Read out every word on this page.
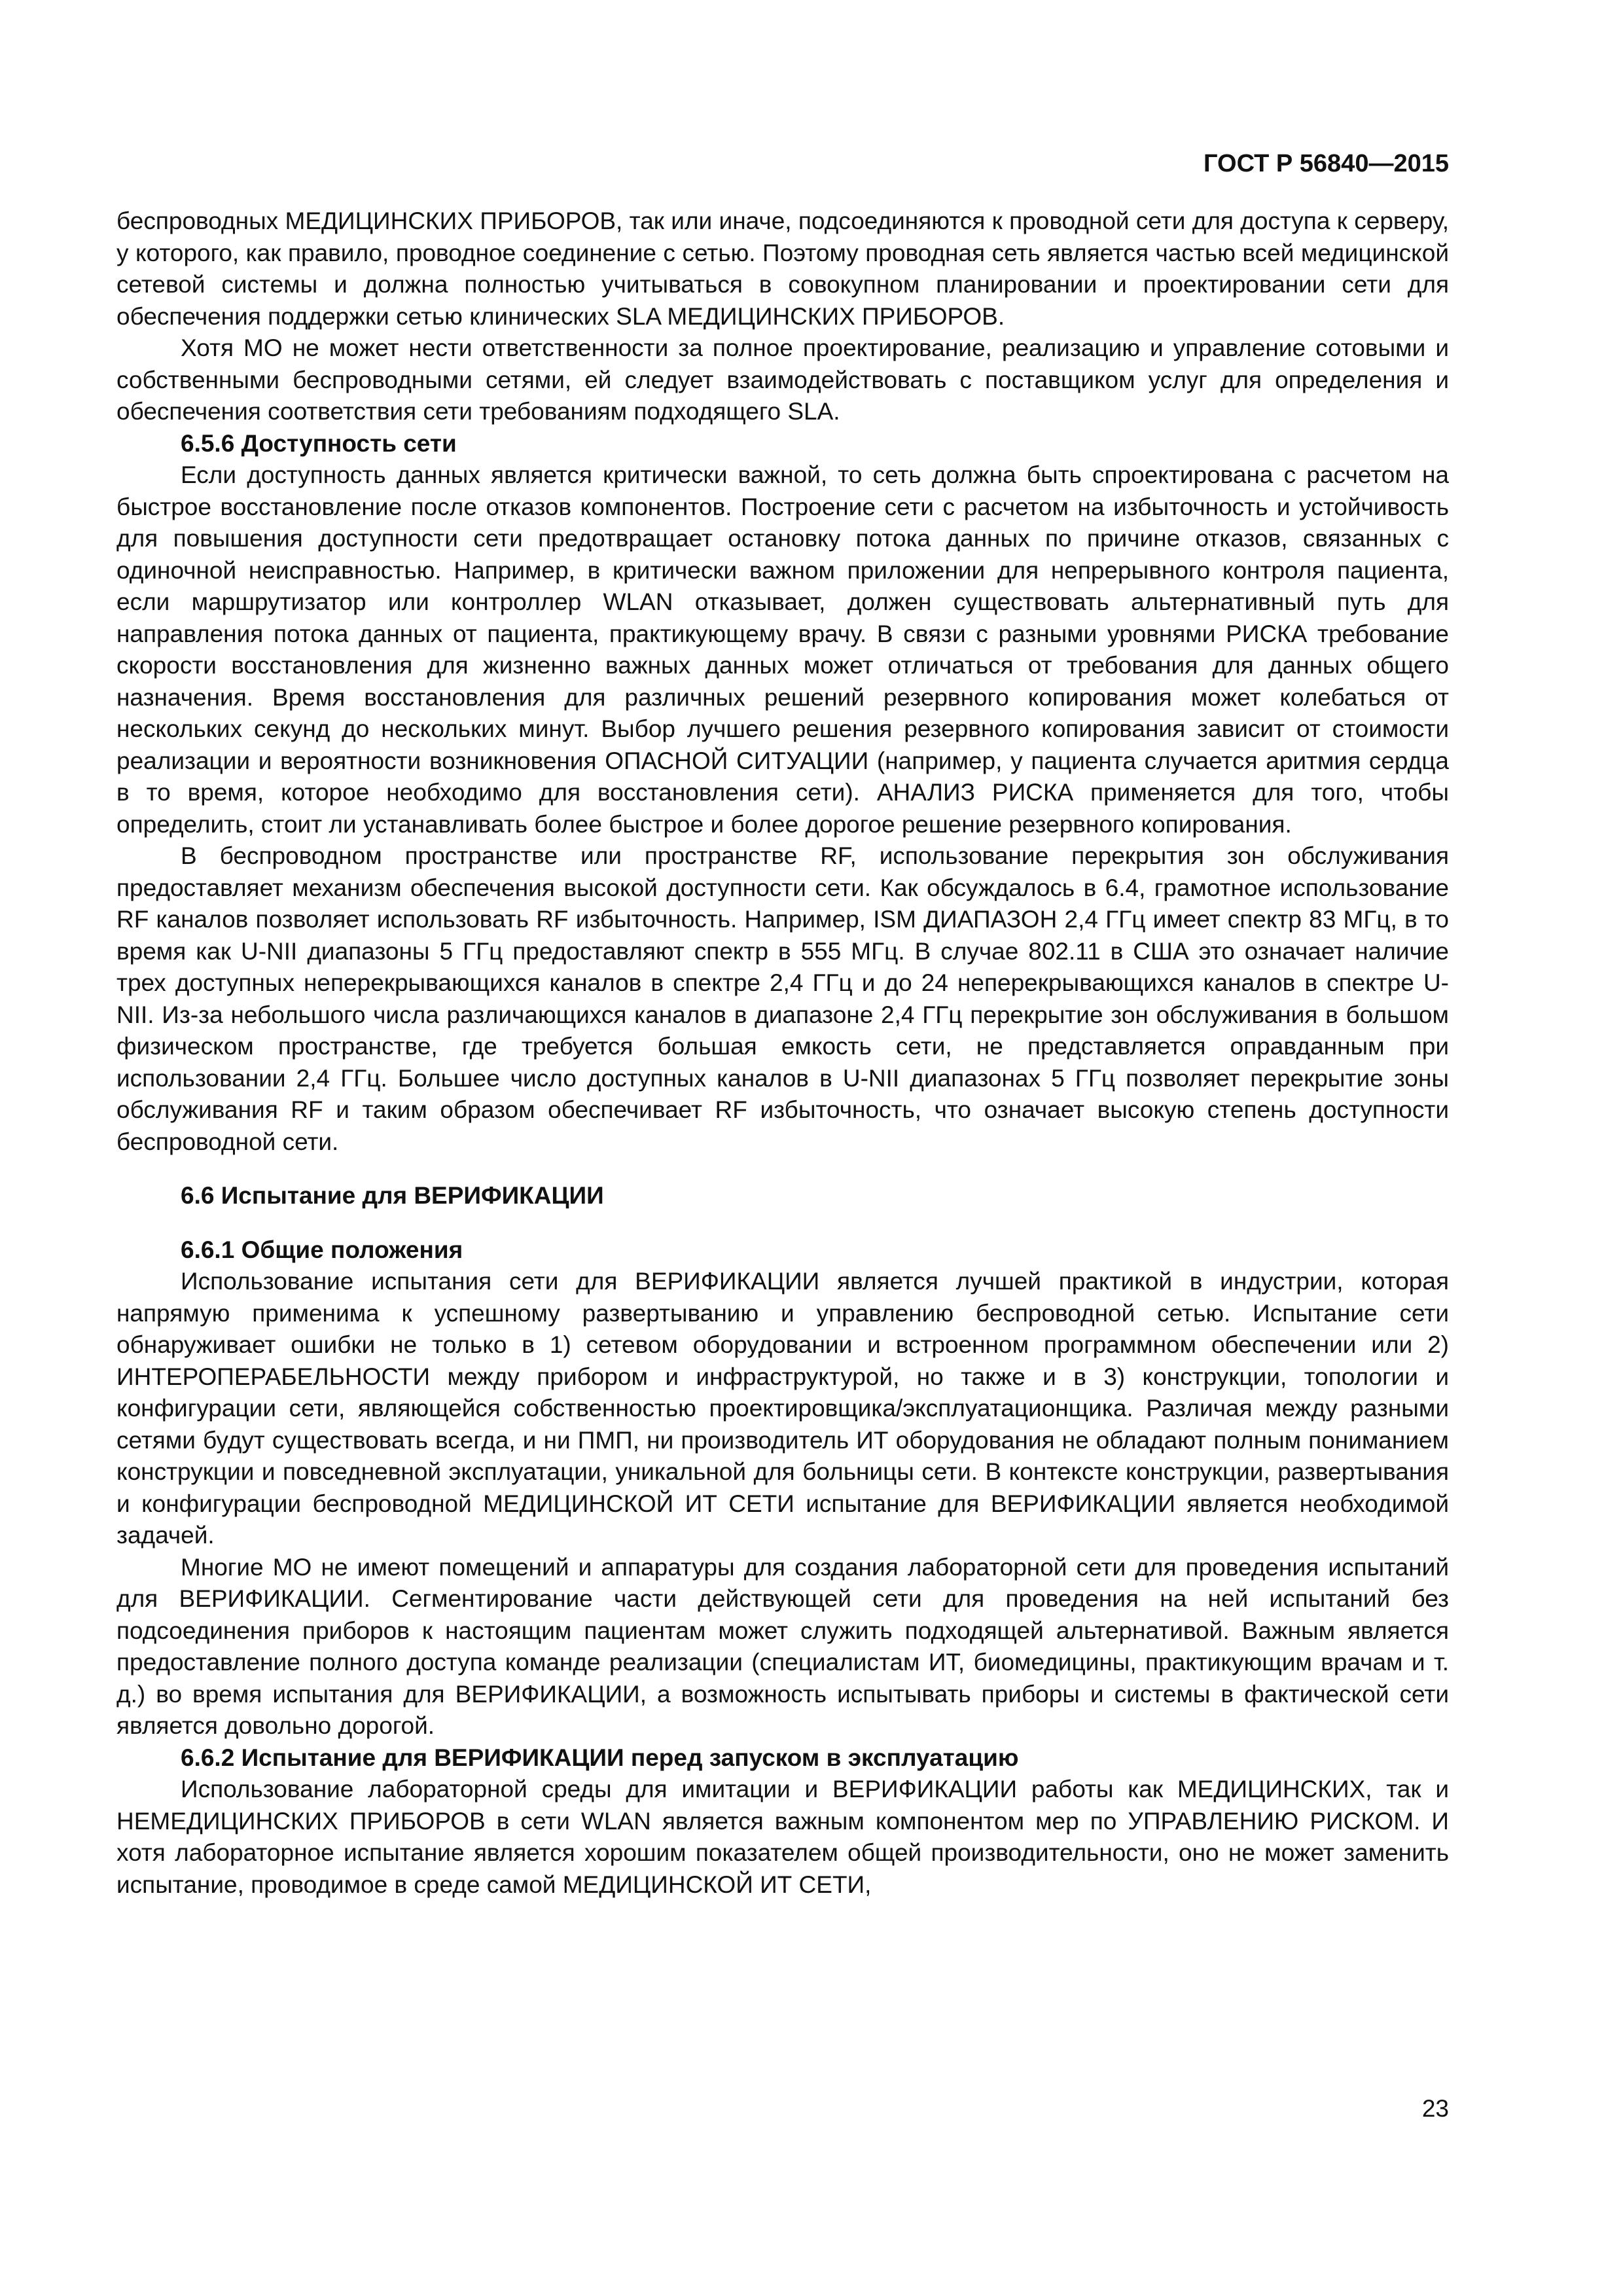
ГОСТ Р 56840—2015

беспроводных МЕДИЦИНСКИХ ПРИБОРОВ, так или иначе, подсоединяются к проводной сети для доступа к серверу, у которого, как правило, проводное соединение с сетью. Поэтому проводная сеть является частью всей медицинской сетевой системы и должна полностью учитываться в совокупном планировании и проектировании сети для обеспечения поддержки сетью клинических SLA МЕДИЦИНСКИХ ПРИБОРОВ.

Хотя МО не может нести ответственности за полное проектирование, реализацию и управление сотовыми и собственными беспроводными сетями, ей следует взаимодействовать с поставщиком услуг для определения и обеспечения соответствия сети требованиям подходящего SLA.

6.5.6 Доступность сети

Если доступность данных является критически важной, то сеть должна быть спроектирована с расчетом на быстрое восстановление после отказов компонентов. Построение сети с расчетом на избыточность и устойчивость для повышения доступности сети предотвращает остановку потока данных по причине отказов, связанных с одиночной неисправностью. Например, в критически важном приложении для непрерывного контроля пациента, если маршрутизатор или контроллер WLAN отказывает, должен существовать альтернативный путь для направления потока данных от пациента, практикующему врачу. В связи с разными уровнями РИСКА требование скорости восстановления для жизненно важных данных может отличаться от требования для данных общего назначения. Время восстановления для различных решений резервного копирования может колебаться от нескольких секунд до нескольких минут. Выбор лучшего решения резервного копирования зависит от стоимости реализации и вероятности возникновения ОПАСНОЙ СИТУАЦИИ (например, у пациента случается аритмия сердца в то время, которое необходимо для восстановления сети). АНАЛИЗ РИСКА применяется для того, чтобы определить, стоит ли устанавливать более быстрое и более дорогое решение резервного копирования.

В беспроводном пространстве или пространстве RF, использование перекрытия зон обслуживания предоставляет механизм обеспечения высокой доступности сети. Как обсуждалось в 6.4, грамотное использование RF каналов позволяет использовать RF избыточность. Например, ISM ДИАПАЗОН 2,4 ГГц имеет спектр 83 МГц, в то время как U-NII диапазоны 5 ГГц предоставляют спектр в 555 МГц. В случае 802.11 в США это означает наличие трех доступных неперекрывающихся каналов в спектре 2,4 ГГц и до 24 неперекрывающихся каналов в спектре U-NII. Из-за небольшого числа различающихся каналов в диапазоне 2,4 ГГц перекрытие зон обслуживания в большом физическом пространстве, где требуется большая емкость сети, не представляется оправданным при использовании 2,4 ГГц. Большее число доступных каналов в U-NII диапазонах 5 ГГц позволяет перекрытие зоны обслуживания RF и таким образом обеспечивает RF избыточность, что означает высокую степень доступности беспроводной сети.

6.6 Испытание для ВЕРИФИКАЦИИ

6.6.1 Общие положения

Использование испытания сети для ВЕРИФИКАЦИИ является лучшей практикой в индустрии, которая напрямую применима к успешному развертыванию и управлению беспроводной сетью. Испытание сети обнаруживает ошибки не только в 1) сетевом оборудовании и встроенном программном обеспечении или 2) ИНТЕРОПЕРАБЕЛЬНОСТИ между прибором и инфраструктурой, но также и в 3) конструкции, топологии и конфигурации сети, являющейся собственностью проектировщика/эксплуатационщика. Различая между разными сетями будут существовать всегда, и ни ПМП, ни производитель ИТ оборудования не обладают полным пониманием конструкции и повседневной эксплуатации, уникальной для больницы сети. В контексте конструкции, развертывания и конфигурации беспроводной МЕДИЦИНСКОЙ ИТ СЕТИ испытание для ВЕРИФИКАЦИИ является необходимой задачей.

Многие МО не имеют помещений и аппаратуры для создания лабораторной сети для проведения испытаний для ВЕРИФИКАЦИИ. Сегментирование части действующей сети для проведения на ней испытаний без подсоединения приборов к настоящим пациентам может служить подходящей альтернативой. Важным является предоставление полного доступа команде реализации (специалистам ИТ, биомедицины, практикующим врачам и т. д.) во время испытания для ВЕРИФИКАЦИИ, а возможность испытывать приборы и системы в фактической сети является довольно дорогой.

6.6.2 Испытание для ВЕРИФИКАЦИИ перед запуском в эксплуатацию

Использование лабораторной среды для имитации и ВЕРИФИКАЦИИ работы как МЕДИЦИНСКИХ, так и НЕМЕДИЦИНСКИХ ПРИБОРОВ в сети WLAN является важным компонентом мер по УПРАВЛЕНИЮ РИСКОМ. И хотя лабораторное испытание является хорошим показателем общей производительности, оно не может заменить испытание, проводимое в среде самой МЕДИЦИНСКОЙ ИТ СЕТИ,

23
